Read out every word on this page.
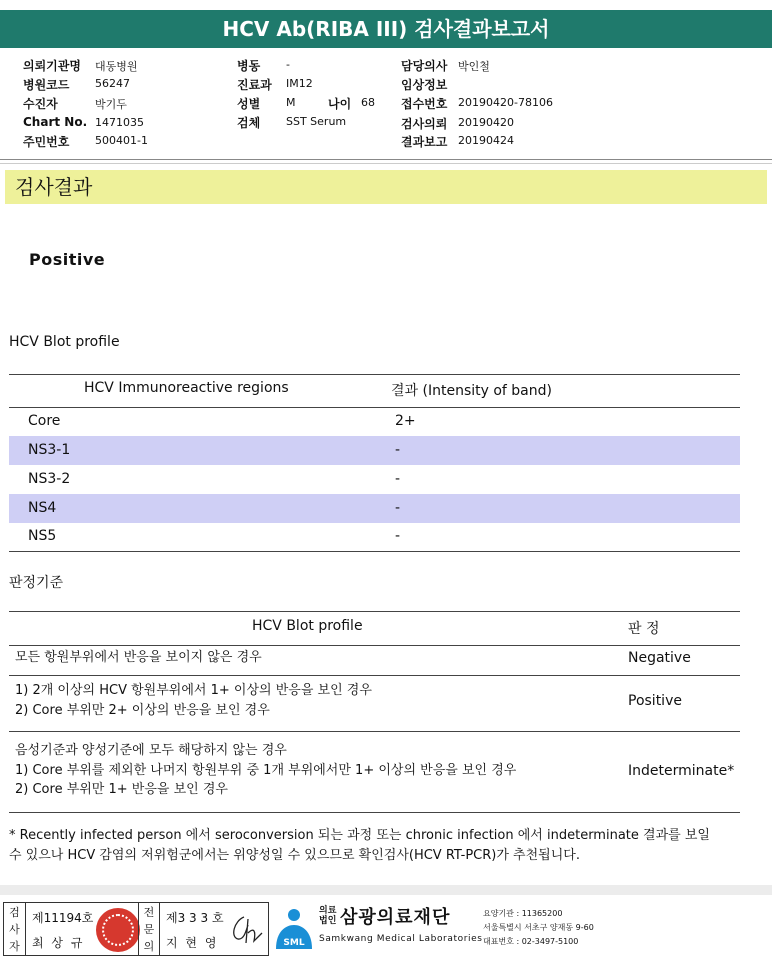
HCV Ab(RIBA III) 검사결과보고서
의뢰기관명 대동병원
병원코드 56247
수진자	박기두
Chart No. 1471035
주민번호 500401-1
병동 -
진료과 IM12
성별 M	나이 68
검체 SST Serum
담당의사 박인철
임상정보
접수번호 20190420-78106
검사의뢰 20190420
결과보고 20190424
검사결과
Positive
HCV Blot profile
HCV Immunoreactive regions	결과 (Intensity of band)
Core	2+
NS3-1	-
NS3-2	-
NS4	-
NS5	-
판정기준
HCV Blot profile	판 정
모든 항원부위에서 반응을 보이지 않은 경우	Negative
1) 2개 이상의 HCV 항원부위에서 1+ 이상의 반응을 보인 경우
2) Core 부위만 2+ 이상의 반응을 보인 경우
Positive
음성기준과 양성기준에 모두 해당하지 않는 경우
1) Core 부위를 제외한 나머지 항원부위 중 1개 부위에서만 1+ 이상의 반응을 보인 경우
2) Core 부위만 1+ 반응을 보인 경우
Indeterminate*
* Recently infected person 에서 seroconversion 되는 과정 또는 chronic infection 에서 indeterminate 결과를 보일
수 있으나 HCV 감염의 저위험군에서는 위양성일 수 있으므로 확인검사(HCV RT-PCR)가 추천됩니다.
검사자
제11194호
최 상 규
전문의
제3 3 3 호
지 현 영	SML
의료법인 삼광의료재단
Samkwang Medical Laboratories
요양기관 : 11365200
서울특별시 서초구 양재동 9-60
대표번호 : 02-3497-5100
